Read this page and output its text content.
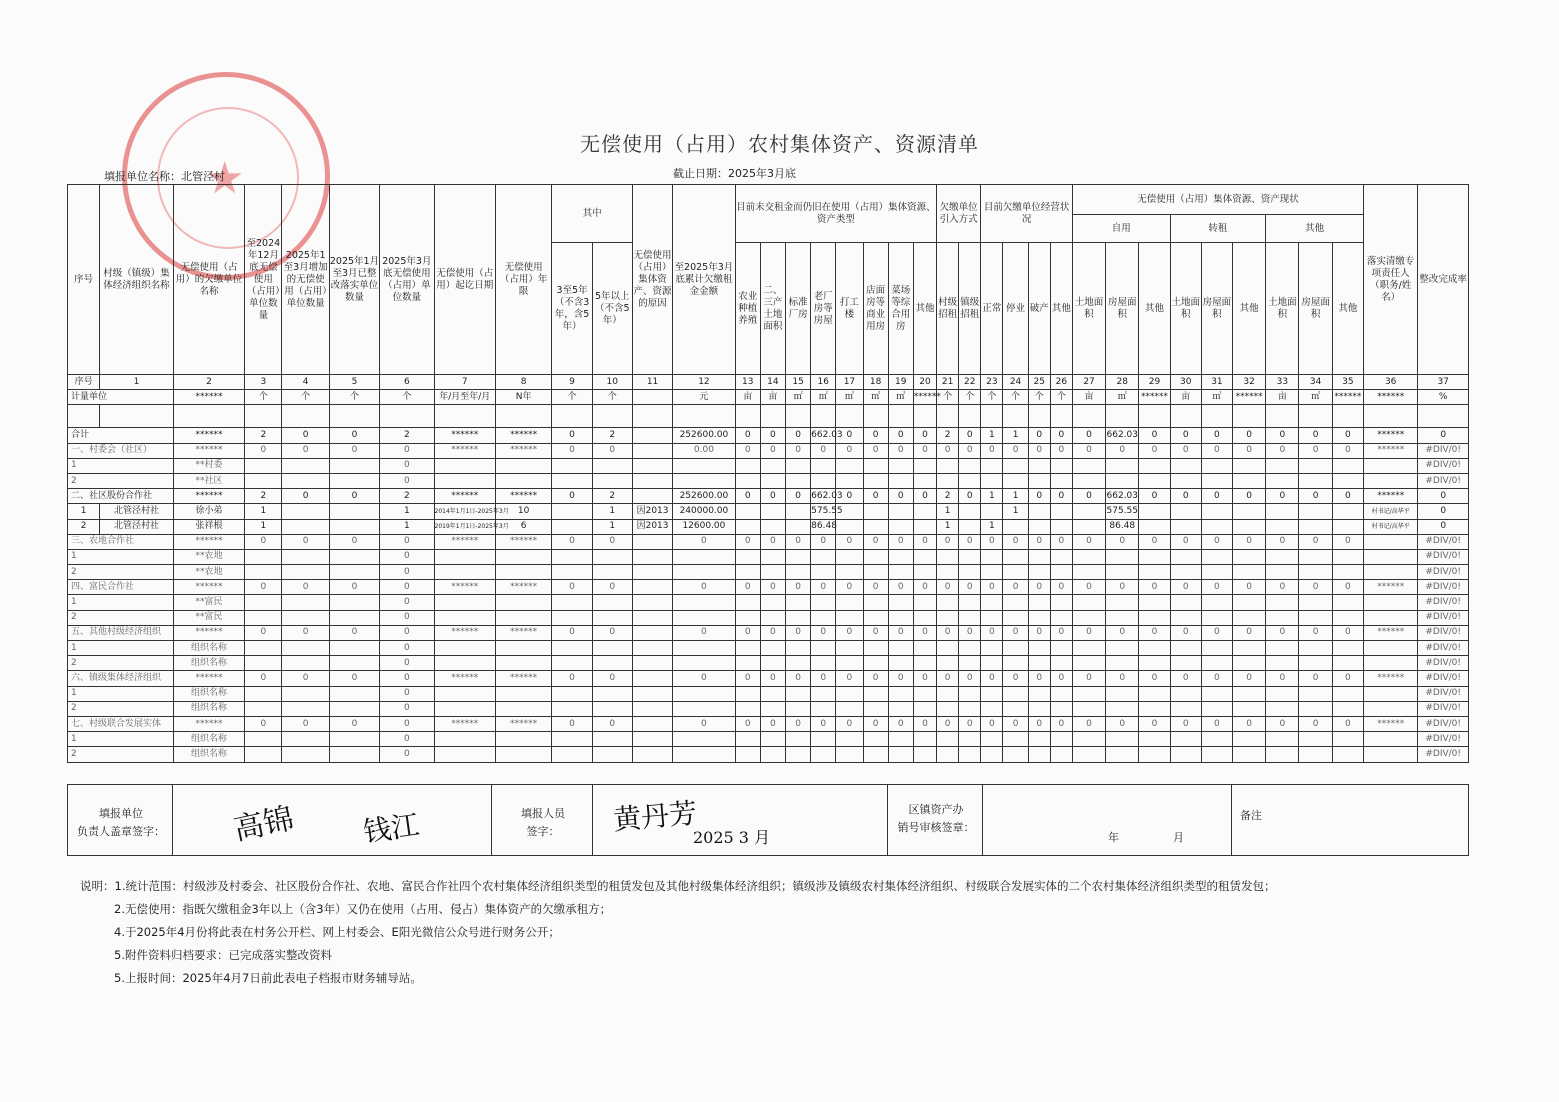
★
无偿使用（占用）农村集体资产、资源清单
填报单位名称：北管泾村	截止日期：2025年3月底
序号	村级（镇级）集体经济组织名称	无偿使用（占用）的欠缴单位名称	至2024年12月底无偿使用（占用）单位数量	2025年1至3月增加的无偿使用（占用）单位数量	2025年1月至3月已整改落实单位数量	2025年3月底无偿使用（占用）单位数量	无偿使用（占用）起讫日期	无偿使用（占用）年限	其中		无偿使用（占用）集体资产、资源的原因	至2025年3月底累计欠缴租金金额	目前未交租金而仍旧在使用（占用）集体资源、资产类型								欠缴单位引入方式		目前欠缴单位经营状况				无偿使用（占用）集体资源、资产现状									落实清缴专项责任人（职务/姓名）	整改完成率
																											自用			转租			其他				
									3至5年（不含3年，含5年）	5年以上（不含5年）			农业种植养殖	二、三产土地面积	标准厂房	老厂房等房屋	打工楼	店面房等商业用房	菜场等综合用房	其他	村级招租	镇级招租	正常	停业	破产	其他	土地面积	房屋面积	其他	土地面积	房屋面积	其他	土地面积	房屋面积	其他		
序号	1	2	3	4	5	6	7	8	9	10	11	12	13	14	15	16	17	18	19	20	21	22	23	24	25	26	27	28	29	30	31	32	33	34	35	36	37
计量单位		******	个	个	个	个	年/月至年/月	N年	个	个		元	亩	亩	㎡	㎡	㎡	㎡	㎡	******	个	个	个	个	个	个	亩	㎡	******	亩	㎡	******	亩	㎡	******	******	%

合计		******	2	0	0	2	******	******	0	2		252600.00	0	0	0	662.03	0	0	0	0	2	0	1	1	0	0	0	662.03	0	0	0	0	0	0	0	******	0
一、村委会（社区）		******	0	0	0	0	******	******	0	0		0.00	0	0	0	0	0	0	0	0	0	0	0	0	0	0	0	0	0	0	0	0	0	0	0	******	#DIV/0!
1		**村委				0																															#DIV/0!
2		**社区				0																															#DIV/0!
二、社区股份合作社		******	2	0	0	2	******	******	0	2		252600.00	0	0	0	662.03	0	0	0	0	2	0	1	1	0	0	0	662.03	0	0	0	0	0	0	0	******	0
1	北管泾村社	徐小弟	1			1	2014年1月1日-2025年3月	10		1	因2013	240000.00				575.55					1			1				575.55								村书记/高华平	0
2	北管泾村社	张祥根	1			1	2019年1月1日-2025年3月	6		1	因2013	12600.00				86.48					1		1					86.48								村书记/高华平	0
三、农地合作社		******	0	0	0	0	******	******	0	0		0	0	0	0	0	0	0	0	0	0	0	0	0	0	0	0	0	0	0	0	0	0	0	0		#DIV/0!
1		**农地				0																															#DIV/0!
2		**农地				0																															#DIV/0!
四、富民合作社		******	0	0	0	0	******	******	0	0		0	0	0	0	0	0	0	0	0	0	0	0	0	0	0	0	0	0	0	0	0	0	0	0	******	#DIV/0!
1		**富民				0																															#DIV/0!
2		**富民				0																															#DIV/0!
五、其他村级经济组织		******	0	0	0	0	******	******	0	0		0	0	0	0	0	0	0	0	0	0	0	0	0	0	0	0	0	0	0	0	0	0	0	0	******	#DIV/0!
1		组织名称				0																															#DIV/0!
2		组织名称				0																															#DIV/0!
六、镇级集体经济组织		******	0	0	0	0	******	******	0	0		0	0	0	0	0	0	0	0	0	0	0	0	0	0	0	0	0	0	0	0	0	0	0	0	******	#DIV/0!
1		组织名称				0																															#DIV/0!
2		组织名称				0																															#DIV/0!
七、村级联合发展实体		******	0	0	0	0	******	******	0	0		0	0	0	0	0	0	0	0	0	0	0	0	0	0	0	0	0	0	0	0	0	0	0	0	******	#DIV/0!
1		组织名称				0																															#DIV/0!
2		组织名称				0																															#DIV/0!
填报单位
负责人盖章签字：	高锦 钱江	填报人员
签字：	黄丹芳
2025 3 月
区镇资产办
销号审核签章：
年	月
备注
说明：1.统计范围：村级涉及村委会、社区股份合作社、农地、富民合作社四个农村集体经济组织类型的租赁发包及其他村级集体经济组织；镇级涉及镇级农村集体经济组织、村级联合发展实体的二个农村集体经济组织类型的租赁发包；
2.无偿使用：指既欠缴租金3年以上（含3年）又仍在使用（占用、侵占）集体资产的欠缴承租方；
4.于2025年4月份将此表在村务公开栏、网上村委会、E阳光微信公众号进行财务公开；
5.附件资料归档要求：已完成落实整改资料
5.上报时间：2025年4月7日前此表电子档报市财务辅导站。
